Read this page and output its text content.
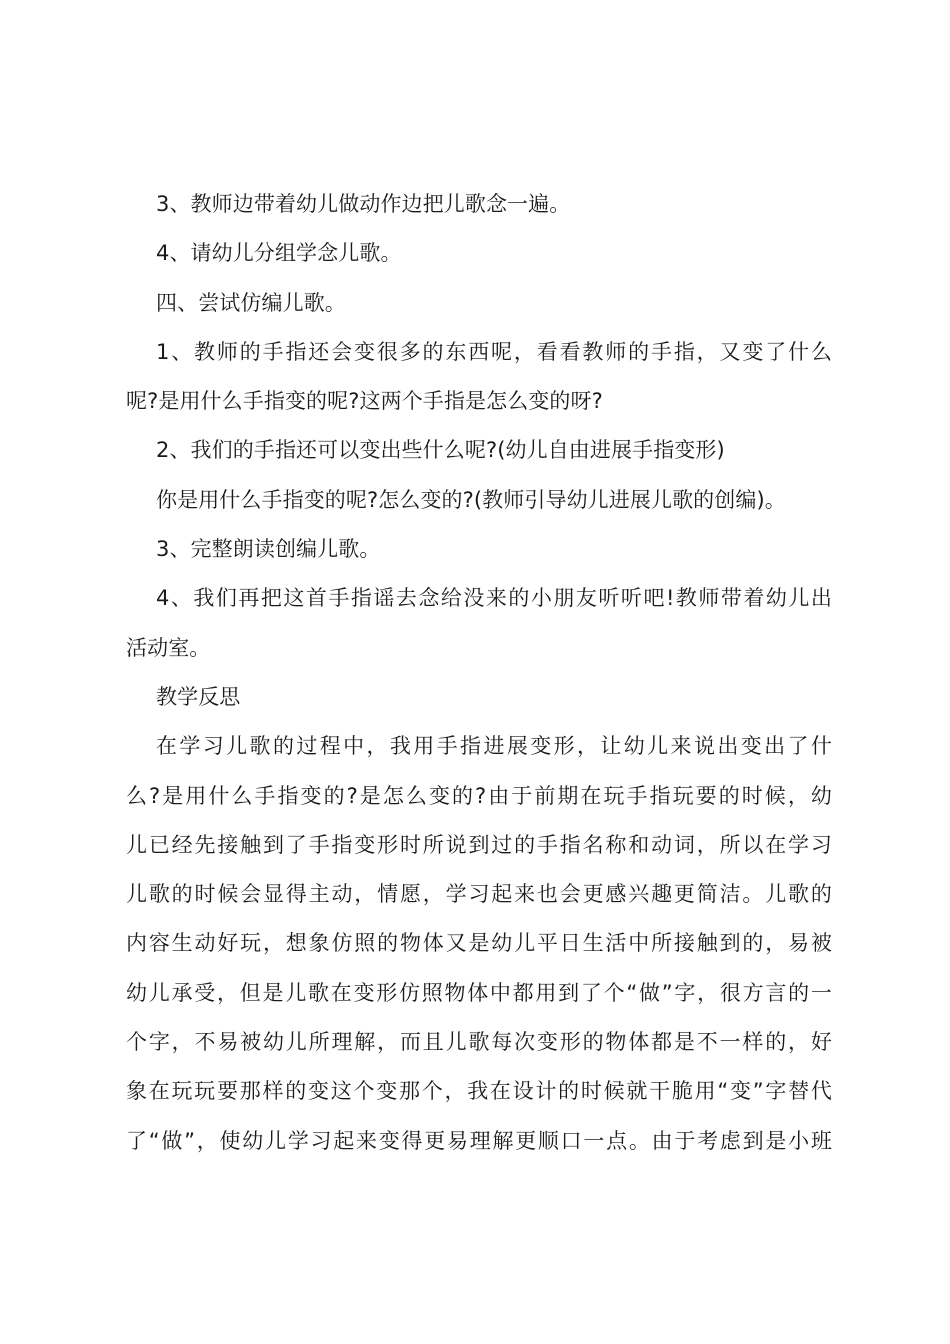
3、教师边带着幼儿做动作边把儿歌念一遍。

4、请幼儿分组学念儿歌。

四、尝试仿编儿歌。

1、教师的手指还会变很多的东西呢，看看教师的手指，又变了什么

呢?是用什么手指变的呢?这两个手指是怎么变的呀?

2、我们的手指还可以变出些什么呢?(幼儿自由进展手指变形)

你是用什么手指变的呢?怎么变的?(教师引导幼儿进展儿歌的创编)。

3、完整朗读创编儿歌。

4、我们再把这首手指谣去念给没来的小朋友听听吧!教师带着幼儿出

活动室。

教学反思

在学习儿歌的过程中，我用手指进展变形，让幼儿来说出变出了什

么?是用什么手指变的?是怎么变的?由于前期在玩手指玩要的时候，幼

儿已经先接触到了手指变形时所说到过的手指名称和动词，所以在学习

儿歌的时候会显得主动，情愿，学习起来也会更感兴趣更简洁。儿歌的

内容生动好玩，想象仿照的物体又是幼儿平日生活中所接触到的，易被

幼儿承受，但是儿歌在变形仿照物体中都用到了个“做”字，很方言的一

个字，不易被幼儿所理解，而且儿歌每次变形的物体都是不一样的，好

象在玩玩要那样的变这个变那个，我在设计的时候就干脆用“变”字替代

了“做”，使幼儿学习起来变得更易理解更顺口一点。由于考虑到是小班
